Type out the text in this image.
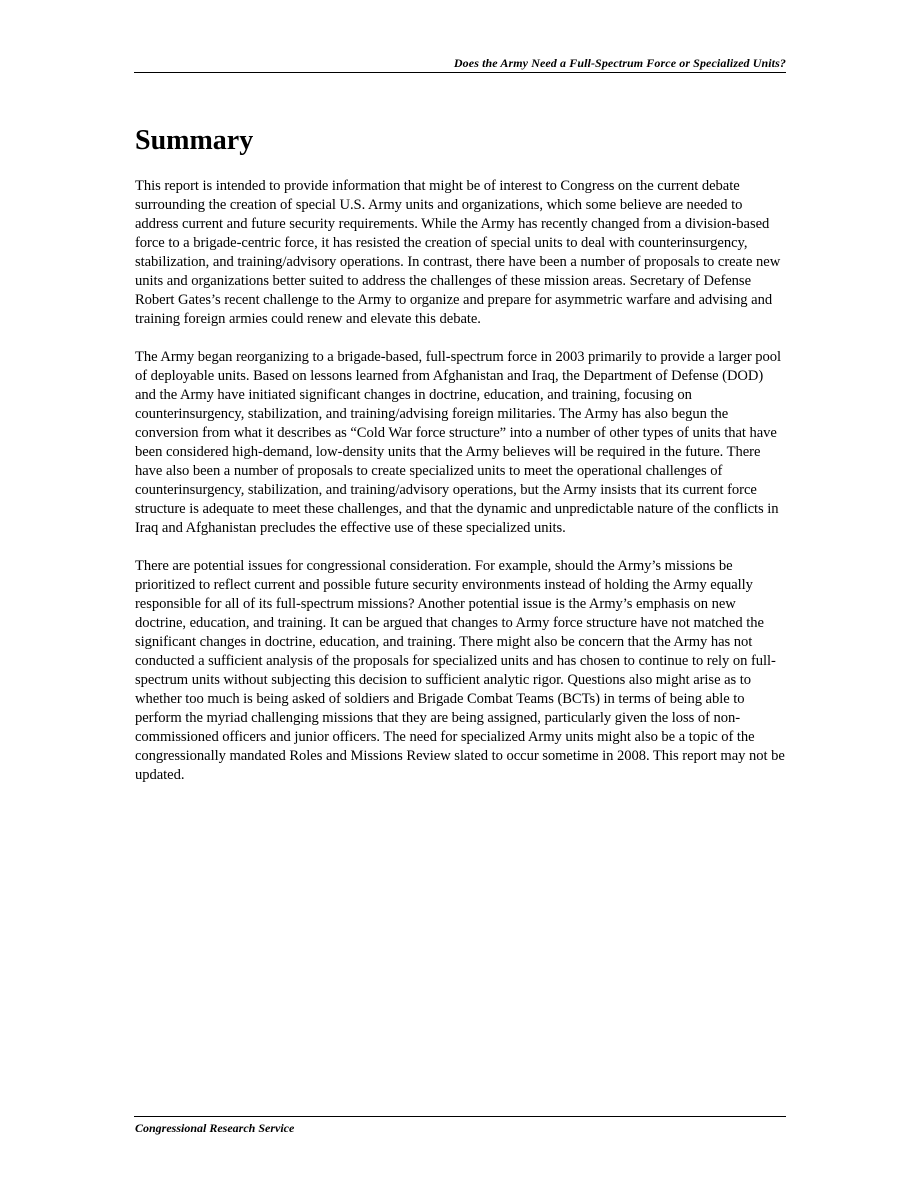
Does the Army Need a Full-Spectrum Force or Specialized Units?
Summary

This report is intended to provide information that might be of interest to Congress on the current debate surrounding the creation of special U.S. Army units and organizations, which some believe are needed to address current and future security requirements. While the Army has recently changed from a division-based force to a brigade-centric force, it has resisted the creation of special units to deal with counterinsurgency, stabilization, and training/advisory operations. In contrast, there have been a number of proposals to create new units and organizations better suited to address the challenges of these mission areas. Secretary of Defense Robert Gates’s recent challenge to the Army to organize and prepare for asymmetric warfare and advising and training foreign armies could renew and elevate this debate.

The Army began reorganizing to a brigade-based, full-spectrum force in 2003 primarily to provide a larger pool of deployable units. Based on lessons learned from Afghanistan and Iraq, the Department of Defense (DOD) and the Army have initiated significant changes in doctrine, education, and training, focusing on counterinsurgency, stabilization, and training/advising foreign militaries. The Army has also begun the conversion from what it describes as “Cold War force structure” into a number of other types of units that have been considered high-demand, low-density units that the Army believes will be required in the future. There have also been a number of proposals to create specialized units to meet the operational challenges of counterinsurgency, stabilization, and training/advisory operations, but the Army insists that its current force structure is adequate to meet these challenges, and that the dynamic and unpredictable nature of the conflicts in Iraq and Afghanistan precludes the effective use of these specialized units.

There are potential issues for congressional consideration. For example, should the Army’s missions be prioritized to reflect current and possible future security environments instead of holding the Army equally responsible for all of its full-spectrum missions? Another potential issue is the Army’s emphasis on new doctrine, education, and training. It can be argued that changes to Army force structure have not matched the significant changes in doctrine, education, and training. There might also be concern that the Army has not conducted a sufficient analysis of the proposals for specialized units and has chosen to continue to rely on full-spectrum units without subjecting this decision to sufficient analytic rigor. Questions also might arise as to whether too much is being asked of soldiers and Brigade Combat Teams (BCTs) in terms of being able to perform the myriad challenging missions that they are being assigned, particularly given the loss of non-commissioned officers and junior officers. The need for specialized Army units might also be a topic of the congressionally mandated Roles and Missions Review slated to occur sometime in 2008. This report may not be updated.

Congressional Research Service
